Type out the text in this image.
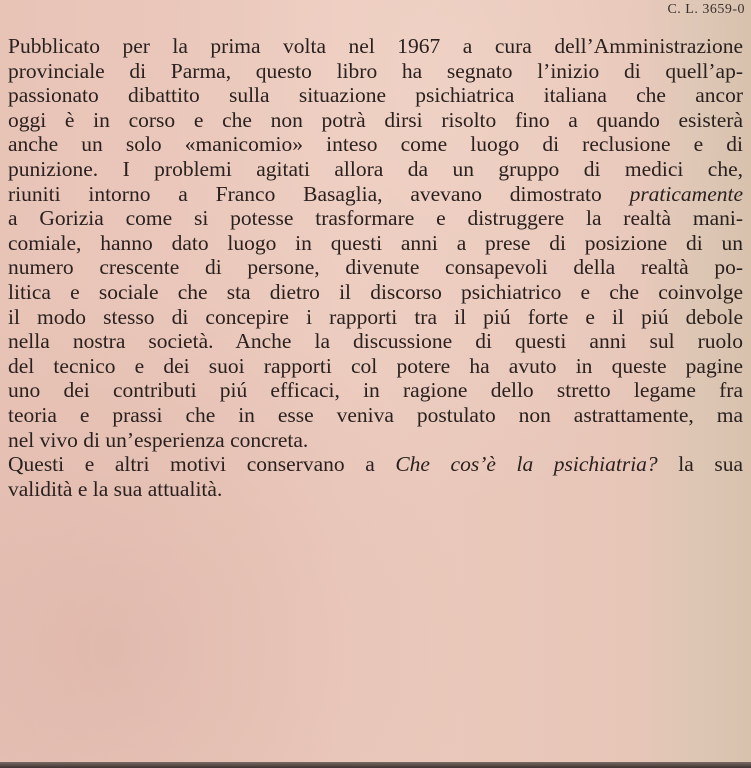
C. L. 3659-0
Pubblicato per la prima volta nel 1967 a cura dell’Amministrazione
provinciale di Parma, questo libro ha segnato l’inizio di quell’ap-
passionato dibattito sulla situazione psichiatrica italiana che ancor
oggi è in corso e che non potrà dirsi risolto fino a quando esisterà
anche un solo «manicomio» inteso come luogo di reclusione e di
punizione. I problemi agitati allora da un gruppo di medici che,
riuniti intorno a Franco Basaglia, avevano dimostrato praticamente
a Gorizia come si potesse trasformare e distruggere la realtà mani-
comiale, hanno dato luogo in questi anni a prese di posizione di un
numero crescente di persone, divenute consapevoli della realtà po-
litica e sociale che sta dietro il discorso psichiatrico e che coinvolge
il modo stesso di concepire i rapporti tra il piú forte e il piú debole
nella nostra società. Anche la discussione di questi anni sul ruolo
del tecnico e dei suoi rapporti col potere ha avuto in queste pagine
uno dei contributi piú efficaci, in ragione dello stretto legame fra
teoria e prassi che in esse veniva postulato non astrattamente, ma
nel vivo di un’esperienza concreta.
Questi e altri motivi conservano a Che cos’è la psichiatria? la sua
validità e la sua attualità.
